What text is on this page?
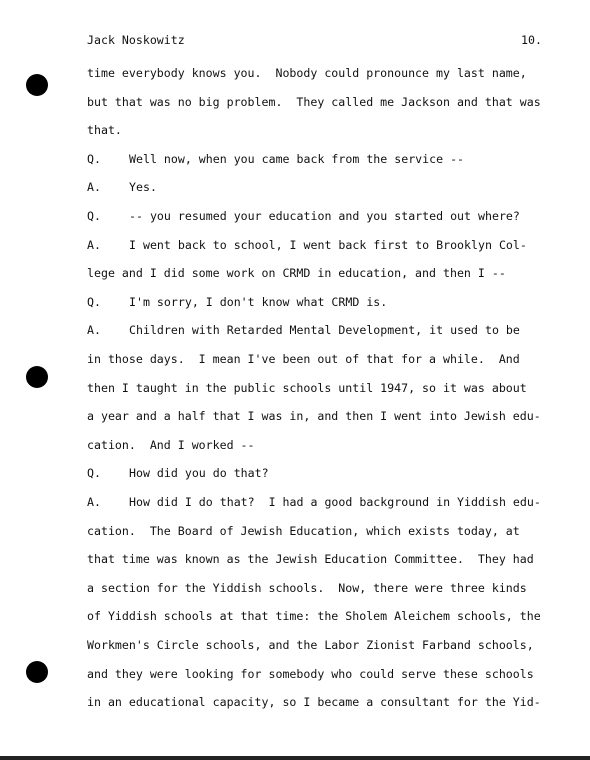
Jack Noskowitz	10.
time everybody knows you.  Nobody could pronounce my last name,
but that was no big problem.  They called me Jackson and that was
that.
Q. Well now, when you came back from the service --
A. Yes.
Q. -- you resumed your education and you started out where?
A. I went back to school, I went back first to Brooklyn Col-
lege and I did some work on CRMD in education, and then I --
Q. I'm sorry, I don't know what CRMD is.
A. Children with Retarded Mental Development, it used to be
in those days.  I mean I've been out of that for a while.  And
then I taught in the public schools until 1947, so it was about
a year and a half that I was in, and then I went into Jewish edu-
cation.  And I worked --
Q. How did you do that?
A. How did I do that?  I had a good background in Yiddish edu-
cation.  The Board of Jewish Education, which exists today, at
that time was known as the Jewish Education Committee.  They had
a section for the Yiddish schools.  Now, there were three kinds
of Yiddish schools at that time: the Sholem Aleichem schools, the
Workmen's Circle schools, and the Labor Zionist Farband schools,
and they were looking for somebody who could serve these schools
in an educational capacity, so I became a consultant for the Yid-
